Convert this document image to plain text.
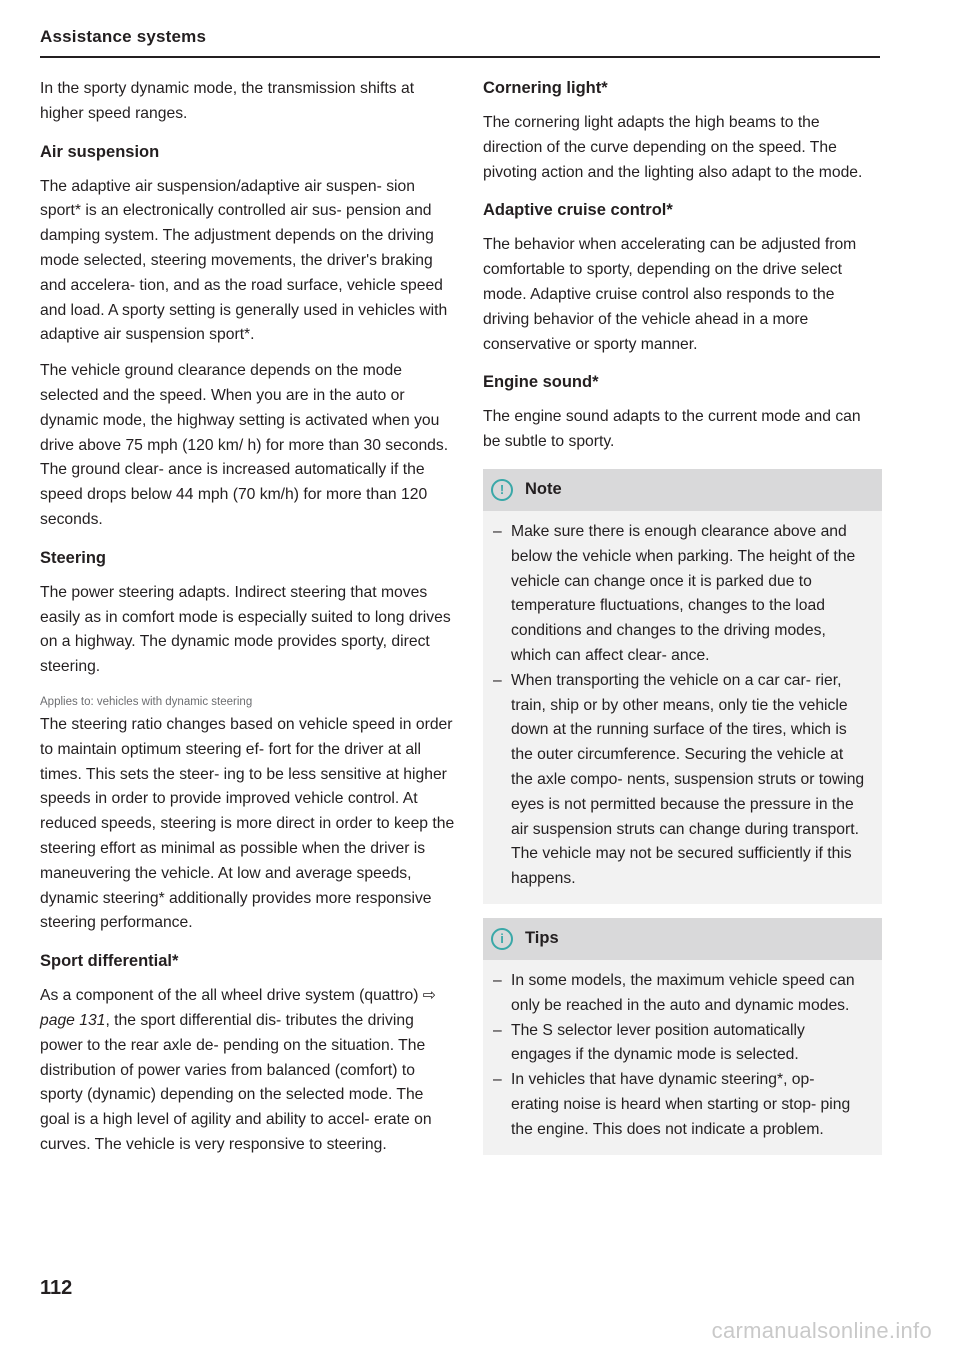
Assistance systems

In the sporty dynamic mode, the transmission shifts at higher speed ranges.

Air suspension

The adaptive air suspension/adaptive air suspen- sion sport* is an electronically controlled air sus- pension and damping system. The adjustment depends on the driving mode selected, steering movements, the driver's braking and accelera- tion, and as the road surface, vehicle speed and load. A sporty setting is generally used in vehicles with adaptive air suspension sport*.

The vehicle ground clearance depends on the mode selected and the speed. When you are in the auto or dynamic mode, the highway setting is activated when you drive above 75 mph (120 km/ h) for more than 30 seconds. The ground clear- ance is increased automatically if the speed drops below 44 mph (70 km/h) for more than 120 seconds.

Steering

The power steering adapts. Indirect steering that moves easily as in comfort mode is especially suited to long drives on a highway. The dynamic mode provides sporty, direct steering.

Applies to: vehicles with dynamic steering

The steering ratio changes based on vehicle speed in order to maintain optimum steering ef- fort for the driver at all times. This sets the steer- ing to be less sensitive at higher speeds in order to provide improved vehicle control. At reduced speeds, steering is more direct in order to keep the steering effort as minimal as possible when the driver is maneuvering the vehicle. At low and average speeds, dynamic steering* additionally provides more responsive steering performance.

Sport differential*

As a component of the all wheel drive system (quattro) ⇨ page 131, the sport differential dis- tributes the driving power to the rear axle de- pending on the situation. The distribution of power varies from balanced (comfort) to sporty (dynamic) depending on the selected mode. The goal is a high level of agility and ability to accel- erate on curves. The vehicle is very responsive to steering.

Cornering light*

The cornering light adapts the high beams to the direction of the curve depending on the speed. The pivoting action and the lighting also adapt to the mode.

Adaptive cruise control*

The behavior when accelerating can be adjusted from comfortable to sporty, depending on the drive select mode. Adaptive cruise control also responds to the driving behavior of the vehicle ahead in a more conservative or sporty manner.

Engine sound*

The engine sound adapts to the current mode and can be subtle to sporty.

!	Note
– Make sure there is enough clearance above and below the vehicle when parking. The height of the vehicle can change once it is parked due to temperature fluctuations, changes to the load conditions and changes to the driving modes, which can affect clear- ance.
– When transporting the vehicle on a car car- rier, train, ship or by other means, only tie the vehicle down at the running surface of the tires, which is the outer circumference. Securing the vehicle at the axle compo- nents, suspension struts or towing eyes is not permitted because the pressure in the air suspension struts can change during transport. The vehicle may not be secured sufficiently if this happens.
i	Tips
– In some models, the maximum vehicle speed can only be reached in the auto and dynamic modes.
– The S selector lever position automatically engages if the dynamic mode is selected.
– In vehicles that have dynamic steering*, op- erating noise is heard when starting or stop- ping the engine. This does not indicate a problem.
112
carmanualsonline.info
